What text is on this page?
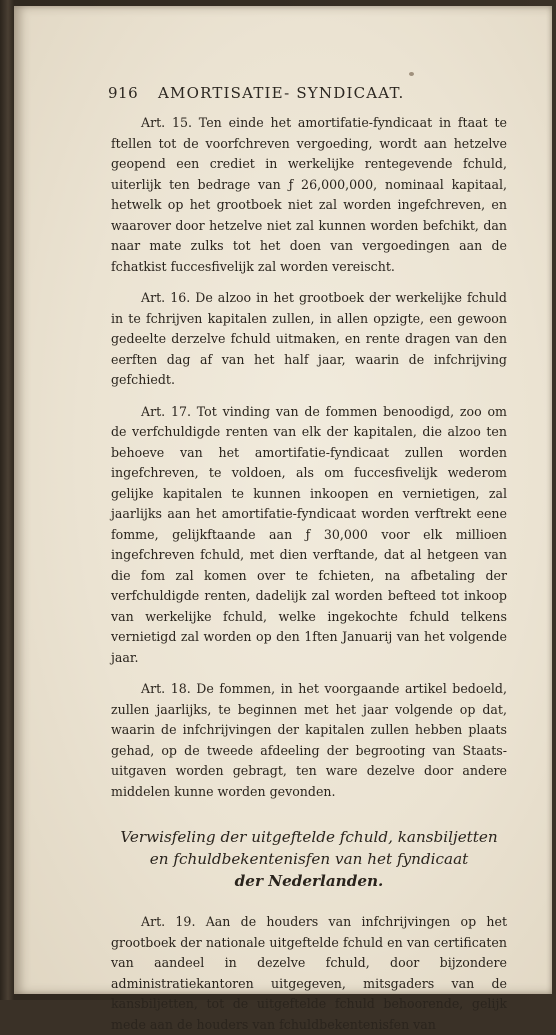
916 AMORTISATIE- SYNDICAAT.

Art. 15. Ten einde het amortifatie-fyndicaat in ftaat te ftellen tot de voorfchreven vergoeding, wordt aan hetzelve geopend een crediet in werkelijke rentegevende fchuld, uiterlijk ten bedrage van ƒ 26,000,000, nominaal kapitaal, hetwelk op het grootboek niet zal worden ingefchreven, en waarover door hetzelve niet zal kunnen worden befchikt, dan naar mate zulks tot het doen van vergoedingen aan de fchatkist fuccesfivelijk zal worden vereischt.

Art. 16. De alzoo in het grootboek der werkelijke fchuld in te fchrijven kapitalen zullen, in allen opzigte, een gewoon gedeelte derzelve fchuld uitmaken, en rente dragen van den eerften dag af van het half jaar, waarin de infchrijving gefchiedt.

Art. 17. Tot vinding van de fommen benoodigd, zoo om de verfchuldigde renten van elk der kapitalen, die alzoo ten behoeve van het amortifatie-fyndicaat zullen worden ingefchreven, te voldoen, als om fuccesfivelijk wederom gelijke kapitalen te kunnen inkoopen en vernietigen, zal jaarlijks aan het amortifatie-fyndicaat worden verftrekt eene fomme, gelijkftaande aan ƒ 30,000 voor elk millioen ingefchreven fchuld, met dien verftande, dat al hetgeen van die fom zal komen over te fchieten, na afbetaling der verfchuldigde renten, dadelijk zal worden befteed tot inkoop van werkelijke fchuld, welke ingekochte fchuld telkens vernietigd zal worden op den 1ften Januarij van het volgende jaar.

Art. 18. De fommen, in het voorgaande artikel bedoeld, zullen jaarlijks, te beginnen met het jaar volgende op dat, waarin de infchrijvingen der kapitalen zullen hebben plaats gehad, op de tweede afdeeling der begrooting van Staats-uitgaven worden gebragt, ten ware dezelve door andere middelen kunne worden gevonden.

Verwisfeling der uitgeftelde fchuld, kansbiljetten
en fchuldbekentenisfen van het fyndicaat
der Nederlanden.

Art. 19. Aan de houders van infchrijvingen op het grootboek der nationale uitgeftelde fchuld en van certificaten van aandeel in dezelve fchuld, door bijzondere administratiekantoren uitgegeven, mitsgaders van de kansbiljetten, tot de uitgeftelde fchuld behoorende, gelijk mede aan de houders van fchuldbekentenisfen van
